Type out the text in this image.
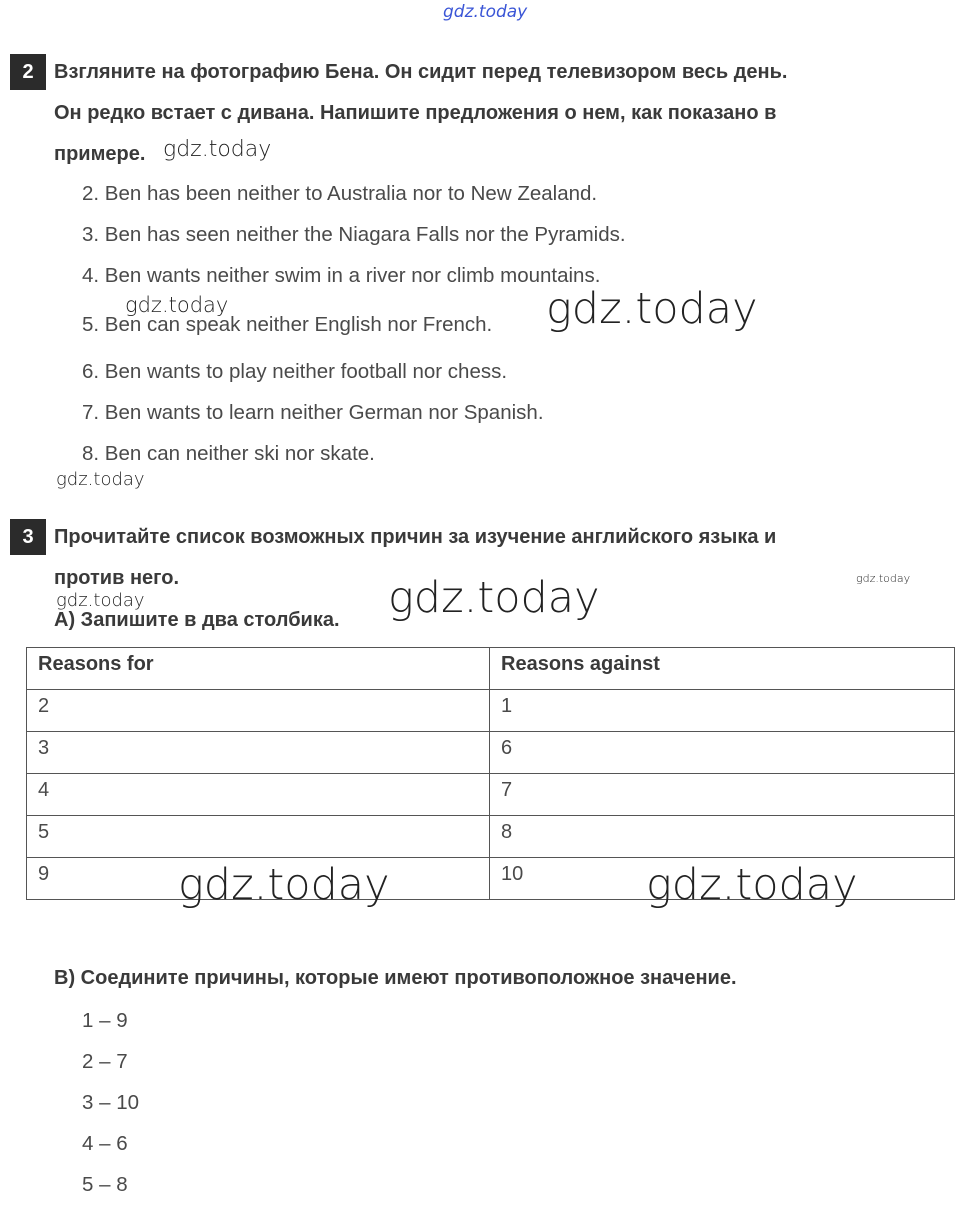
gdz.today
2	Взгляните на фотографию Бена. Он сидит перед телевизором весь день.
Он редко встает с дивана. Напишите предложения о нем, как показано в
примере. gdz.today
2. Ben has been neither to Australia nor to New Zealand.
3. Ben has seen neither the Niagara Falls nor the Pyramids.
4. Ben wants neither swim in a river nor climb mountains.
gdz.today
5. Ben can speak neither English nor French. gdz.today
6. Ben wants to play neither football nor chess.
7. Ben wants to learn neither German nor Spanish.
8. Ben can neither ski nor skate.
gdz.today
3	Прочитайте список возможных причин за изучение английского языка и
против него.	gdz.today
gdz.today
A) Запишите в два столбика. gdz.today
Reasons for	Reasons against
2	1
3	6
4	7
5	8
9	10
gdz.today	gdz.today
B) Соедините причины, которые имеют противоположное значение.
1 – 9
2 – 7
3 – 10
4 – 6
5 – 8
